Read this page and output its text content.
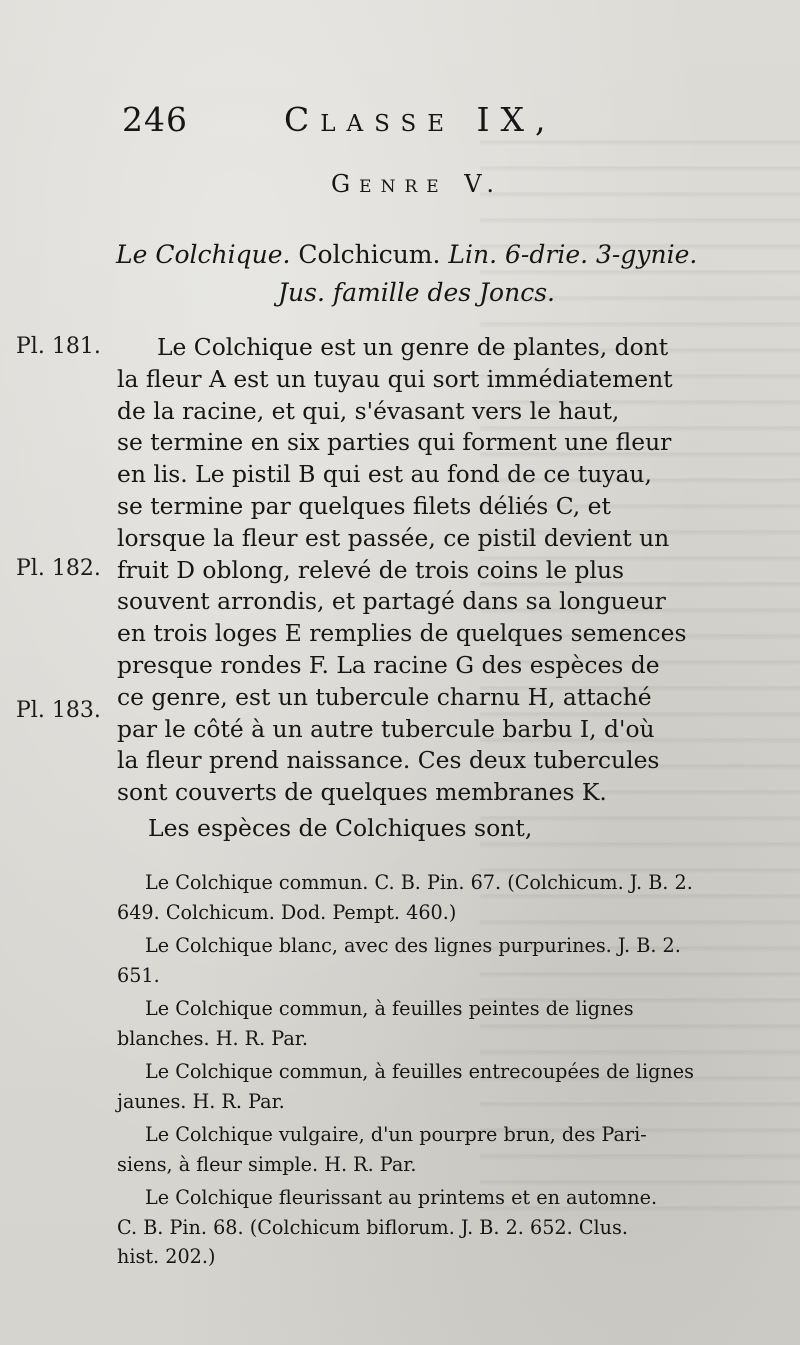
246	Classe IX,
Genre V.
Le Colchique. Colchicum. Lin. 6-drie. 3-gynie.
Jus. famille des Joncs.
Pl. 181.
Pl. 182.
Pl. 183.
Le Colchique est un genre de plantes, dont
la fleur A est un tuyau qui sort immédiatement
de la racine, et qui, s'évasant vers le haut,
se termine en six parties qui forment une fleur
en lis. Le pistil B qui est au fond de ce tuyau,
se termine par quelques filets déliés C, et
lorsque la fleur est passée, ce pistil devient un
fruit D oblong, relevé de trois coins le plus
souvent arrondis, et partagé dans sa longueur
en trois loges E remplies de quelques semences
presque rondes F. La racine G des espèces de
ce genre, est un tubercule charnu H, attaché
par le côté à un autre tubercule barbu I, d'où
la fleur prend naissance. Ces deux tubercules
sont couverts de quelques membranes K.
Les espèces de Colchiques sont,
Le Colchique commun. C. B. Pin. 67. (Colchicum. J. B. 2.
649. Colchicum. Dod. Pempt. 460.)
Le Colchique blanc, avec des lignes purpurines. J. B. 2.
651.
Le Colchique commun, à feuilles peintes de lignes
blanches. H. R. Par.
Le Colchique commun, à feuilles entrecoupées de lignes
jaunes. H. R. Par.
Le Colchique vulgaire, d'un pourpre brun, des Pari-
siens, à fleur simple. H. R. Par.
Le Colchique fleurissant au printems et en automne.
C. B. Pin. 68. (Colchicum biflorum. J. B. 2. 652. Clus.
hist. 202.)
